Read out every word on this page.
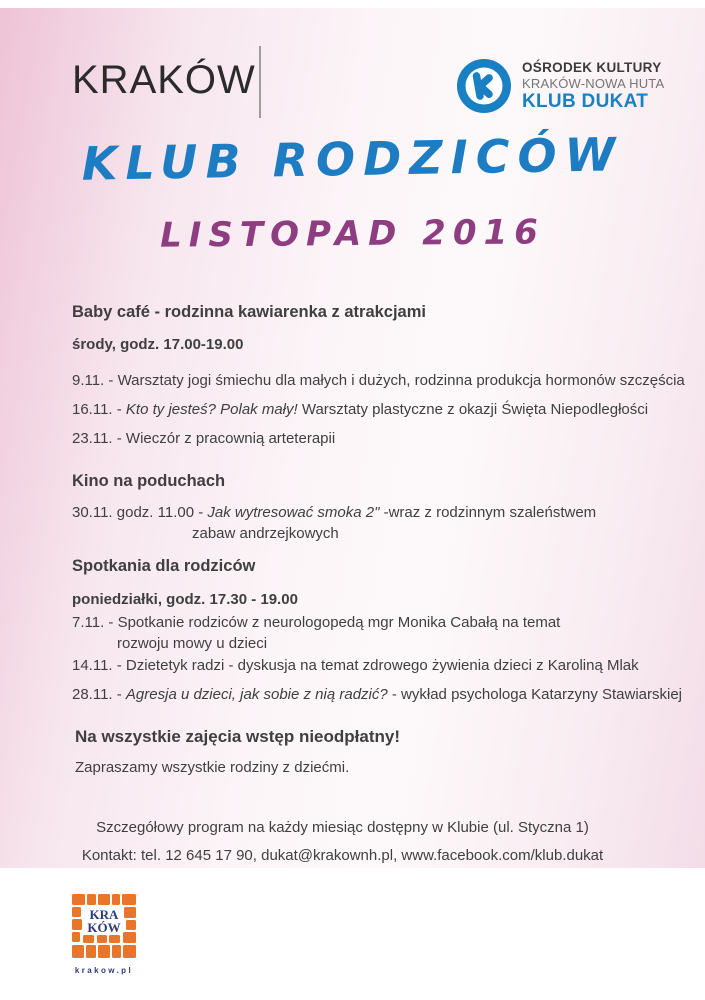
KRAKÓW	OŚRODEK KULTURY
KRAKÓW-NOWA HUTA
KLUB DUKAT
KLUB RODZICÓW
LISTOPAD 2016
Baby café - rodzinna kawiarenka z atrakcjami
środy, godz. 17.00-19.00
9.11. - Warsztaty jogi śmiechu dla małych i dużych, rodzinna produkcja hormonów szczęścia
16.11. - Kto ty jesteś? Polak mały! Warsztaty plastyczne z okazji Święta Niepodległości
23.11. - Wieczór z pracownią arteterapii
Kino na poduchach
30.11. godz. 11.00 - Jak wytresować smoka 2" -wraz z rodzinnym szaleństwem
zabaw andrzejkowych
Spotkania dla rodziców
poniedziałki, godz. 17.30 - 19.00
7.11. - Spotkanie rodziców z neurologopedą mgr Monika Cabałą na temat
rozwoju mowy u dzieci
14.11. - Dzietetyk radzi - dyskusja na temat zdrowego żywienia dzieci z Karoliną Mlak
28.11. - Agresja u dzieci, jak sobie z nią radzić? - wykład psychologa Katarzyny Stawiarskiej
Na wszystkie zajęcia wstęp nieodpłatny!
Zapraszamy wszystkie rodziny z dziećmi.
Szczegółowy program na każdy miesiąc dostępny w Klubie (ul. Styczna 1)
Kontakt: tel. 12 645 17 90, dukat@krakownh.pl, www.facebook.com/klub.dukat
KRA
KÓW
krakow.pl
